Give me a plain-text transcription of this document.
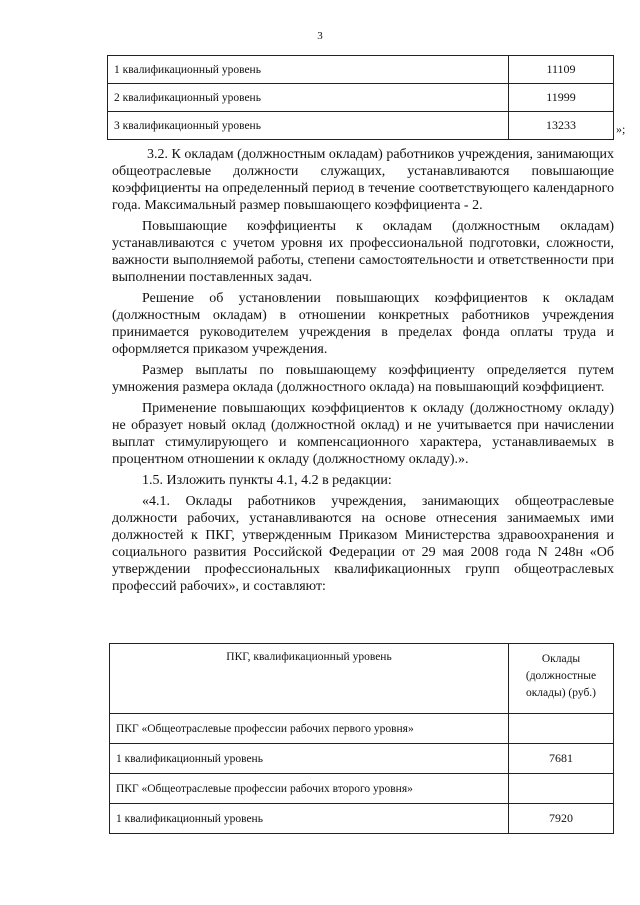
3
1 квалификационный уровень	11109
2 квалификационный уровень	11999
3 квалификационный уровень	13233	»;

3.2. К окладам (должностным окладам) работников учреждения, занимающих общеотраслевые должности служащих, устанавливаются повышающие коэффициенты на определенный период в течение соответствующего календарного года. Максимальный размер повышающего коэффициента - 2.

Повышающие коэффициенты к окладам (должностным окладам) устанавливаются с учетом уровня их профессиональной подготовки, сложности, важности выполняемой работы, степени самостоятельности и ответственности при выполнении поставленных задач.

Решение об установлении повышающих коэффициентов к окладам (должностным окладам) в отношении конкретных работников учреждения принимается руководителем учреждения в пределах фонда оплаты труда и оформляется приказом учреждения.

Размер выплаты по повышающему коэффициенту определяется путем умножения размера оклада (должностного оклада) на повышающий коэффициент.

Применение повышающих коэффициентов к окладу (должностному окладу) не образует новый оклад (должностной оклад) и не учитывается при начислении выплат стимулирующего и компенсационного характера, устанавливаемых в процентном отношении к окладу (должностному окладу).».

1.5. Изложить пункты 4.1, 4.2 в редакции:

«4.1. Оклады работников учреждения, занимающих общеотраслевые должности рабочих, устанавливаются на основе отнесения занимаемых ими должностей к ПКГ, утвержденным Приказом Министерства здравоохранения и социального развития Российской Федерации от 29 мая 2008 года N 248н «Об утверждении профессиональных квалификационных групп общеотраслевых профессий рабочих», и составляют:

ПКГ, квалификационный уровень	Оклады (должностные оклады) (руб.)
ПКГ «Общеотраслевые профессии рабочих первого уровня»	
1 квалификационный уровень	7681
ПКГ «Общеотраслевые профессии рабочих второго уровня»	
1 квалификационный уровень	7920
